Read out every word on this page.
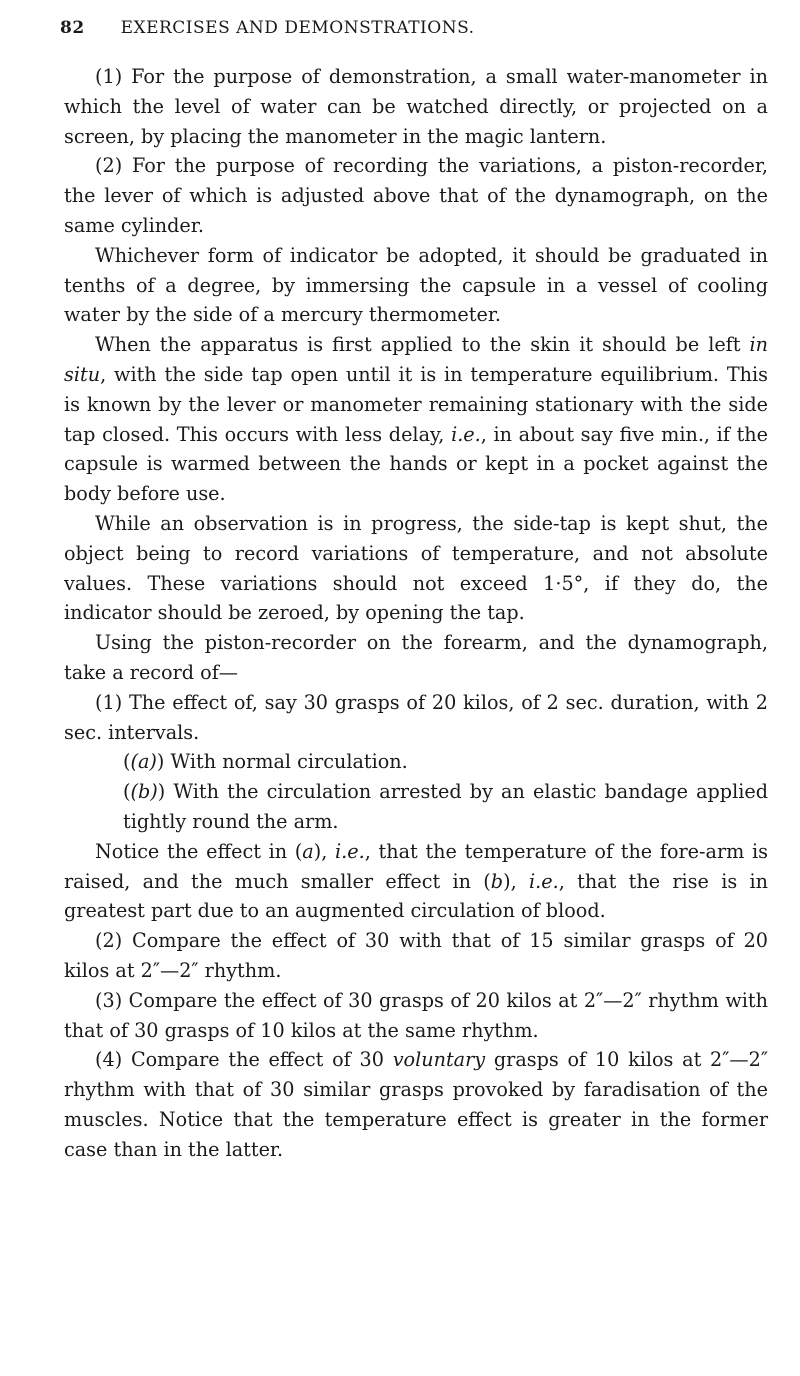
82 EXERCISES AND DEMONSTRATIONS.

(1) For the purpose of demonstration, a small water-manometer in which the level of water can be watched directly, or projected on a screen, by placing the manometer in the magic lantern.

(2) For the purpose of recording the variations, a piston-recorder, the lever of which is adjusted above that of the dynamograph, on the same cylinder.

Whichever form of indicator be adopted, it should be graduated in tenths of a degree, by immersing the capsule in a vessel of cooling water by the side of a mercury thermometer.

When the apparatus is first applied to the skin it should be left in situ, with the side tap open until it is in temperature equilibrium. This is known by the lever or manometer remaining stationary with the side tap closed. This occurs with less delay, i.e., in about say five min., if the capsule is warmed between the hands or kept in a pocket against the body before use.

While an observation is in progress, the side-tap is kept shut, the object being to record variations of temperature, and not absolute values. These variations should not exceed 1·5°, if they do, the indicator should be zeroed, by opening the tap.

Using the piston-recorder on the forearm, and the dynamograph, take a record of—

(1) The effect of, say 30 grasps of 20 kilos, of 2 sec. duration, with 2 sec. intervals.

((a)) With normal circulation.

((b)) With the circulation arrested by an elastic bandage applied tightly round the arm.

Notice the effect in (a), i.e., that the temperature of the fore-arm is raised, and the much smaller effect in (b), i.e., that the rise is in greatest part due to an augmented circulation of blood.

(2) Compare the effect of 30 with that of 15 similar grasps of 20 kilos at 2″—2″ rhythm.

(3) Compare the effect of 30 grasps of 20 kilos at 2″—2″ rhythm with that of 30 grasps of 10 kilos at the same rhythm.

(4) Compare the effect of 30 voluntary grasps of 10 kilos at 2″—2″ rhythm with that of 30 similar grasps provoked by faradisation of the muscles. Notice that the temperature effect is greater in the former case than in the latter.
